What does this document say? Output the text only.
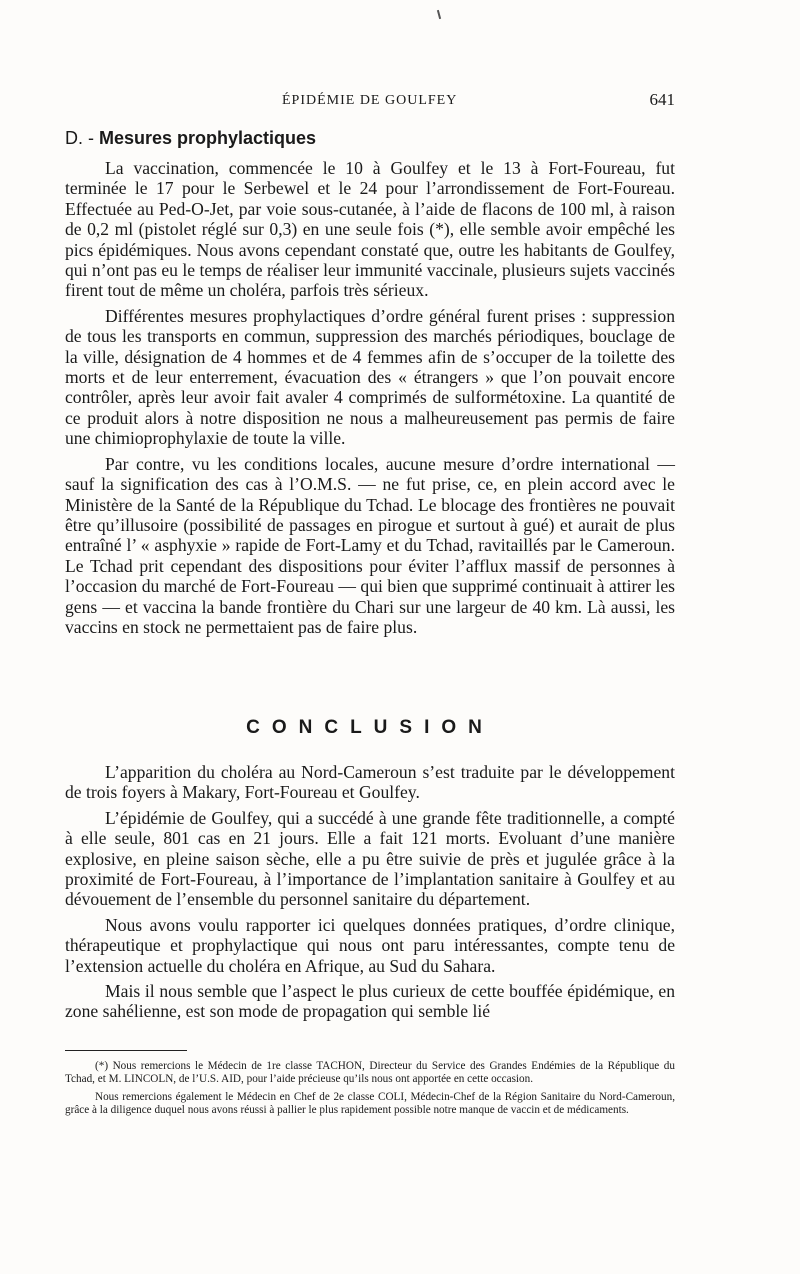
ÉPIDÉMIE DE GOULFEY	641
D. - Mesures prophylactiques

La vaccination, commencée le 10 à Goulfey et le 13 à Fort-Foureau, fut terminée le 17 pour le Serbewel et le 24 pour l’arrondissement de Fort-Foureau. Effectuée au Ped-O-Jet, par voie sous-cutanée, à l’aide de flacons de 100 ml, à raison de 0,2 ml (pistolet réglé sur 0,3) en une seule fois (*), elle semble avoir empêché les pics épidémiques. Nous avons cependant constaté que, outre les habitants de Goulfey, qui n’ont pas eu le temps de réaliser leur immunité vaccinale, plusieurs sujets vaccinés firent tout de même un choléra, parfois très sérieux.

Différentes mesures prophylactiques d’ordre général furent prises : suppression de tous les transports en commun, suppression des marchés périodiques, bouclage de la ville, désignation de 4 hommes et de 4 femmes afin de s’occuper de la toilette des morts et de leur enterrement, évacuation des « étrangers » que l’on pouvait encore contrôler, après leur avoir fait avaler 4 comprimés de sulformétoxine. La quantité de ce produit alors à notre disposition ne nous a malheureusement pas permis de faire une chimioprophylaxie de toute la ville.

Par contre, vu les conditions locales, aucune mesure d’ordre international — sauf la signification des cas à l’O.M.S. — ne fut prise, ce, en plein accord avec le Ministère de la Santé de la République du Tchad. Le blocage des frontières ne pouvait être qu’illusoire (possibilité de passages en pirogue et surtout à gué) et aurait de plus entraîné l’ « asphyxie » rapide de Fort-Lamy et du Tchad, ravitaillés par le Cameroun. Le Tchad prit cependant des dispositions pour éviter l’afflux massif de personnes à l’occasion du marché de Fort-Foureau — qui bien que supprimé continuait à attirer les gens — et vaccina la bande frontière du Chari sur une largeur de 40 km. Là aussi, les vaccins en stock ne permettaient pas de faire plus.

CONCLUSION

L’apparition du choléra au Nord-Cameroun s’est traduite par le développement de trois foyers à Makary, Fort-Foureau et Goulfey.

L’épidémie de Goulfey, qui a succédé à une grande fête traditionnelle, a compté à elle seule, 801 cas en 21 jours. Elle a fait 121 morts. Evoluant d’une manière explosive, en pleine saison sèche, elle a pu être suivie de près et jugulée grâce à la proximité de Fort-Foureau, à l’importance de l’implantation sanitaire à Goulfey et au dévouement de l’ensemble du personnel sanitaire du département.

Nous avons voulu rapporter ici quelques données pratiques, d’ordre clinique, thérapeutique et prophylactique qui nous ont paru intéressantes, compte tenu de l’extension actuelle du choléra en Afrique, au Sud du Sahara.

Mais il nous semble que l’aspect le plus curieux de cette bouffée épidémique, en zone sahélienne, est son mode de propagation qui semble lié

(*) Nous remercions le Médecin de 1re classe TACHON, Directeur du Service des Grandes Endémies de la République du Tchad, et M. LINCOLN, de l’U.S. AID, pour l’aide précieuse qu’ils nous ont apportée en cette occasion.

Nous remercions également le Médecin en Chef de 2e classe COLI, Médecin-Chef de la Région Sanitaire du Nord-Cameroun, grâce à la diligence duquel nous avons réussi à pallier le plus rapidement possible notre manque de vaccin et de médicaments.
